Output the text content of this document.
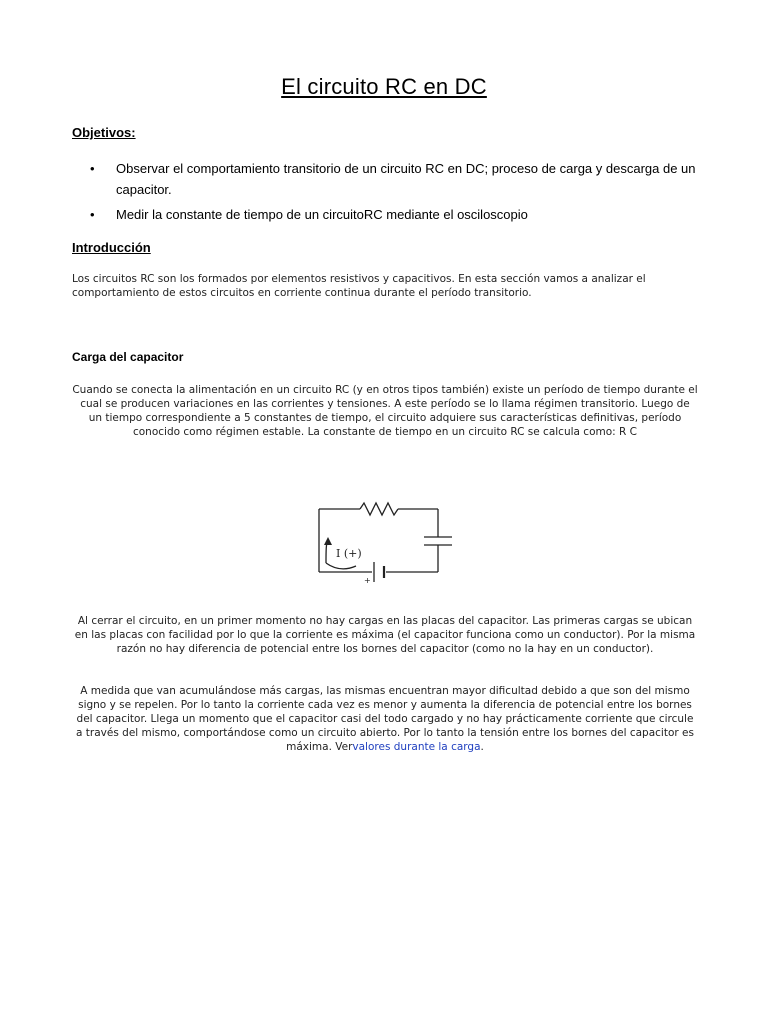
El circuito RC en DC
Objetivos:
• Observar el comportamiento transitorio de un circuito RC en DC; proceso de carga y descarga de un capacitor.
• Medir la constante de tiempo de un circuitoRC mediante el osciloscopio
Introducción
Los circuitos RC son los formados por elementos resistivos y capacitivos. En esta sección vamos a analizar el comportamiento de estos circuitos en corriente continua durante el período transitorio.
Carga del capacitor
Cuando se conecta la alimentación en un circuito RC (y en otros tipos también) existe un período de tiempo durante el cual se producen variaciones en las corrientes y tensiones. A este período se lo llama régimen transitorio. Luego de un tiempo correspondiente a 5 constantes de tiempo, el circuito adquiere sus características definitivas, período conocido como régimen estable. La constante de tiempo en un circuito RC se calcula como: R C
I (+)
+
Al cerrar el circuito, en un primer momento no hay cargas en las placas del capacitor. Las primeras cargas se ubican en las placas con facilidad por lo que la corriente es máxima (el capacitor funciona como un conductor). Por la misma razón no hay diferencia de potencial entre los bornes del capacitor (como no la hay en un conductor).
A medida que van acumulándose más cargas, las mismas encuentran mayor dificultad debido a que son del mismo signo y se repelen. Por lo tanto la corriente cada vez es menor y aumenta la diferencia de potencial entre los bornes del capacitor. Llega un momento que el capacitor casi del todo cargado y no hay prácticamente corriente que circule a través del mismo, comportándose como un circuito abierto. Por lo tanto la tensión entre los bornes del capacitor es máxima. Vervalores durante la carga.
